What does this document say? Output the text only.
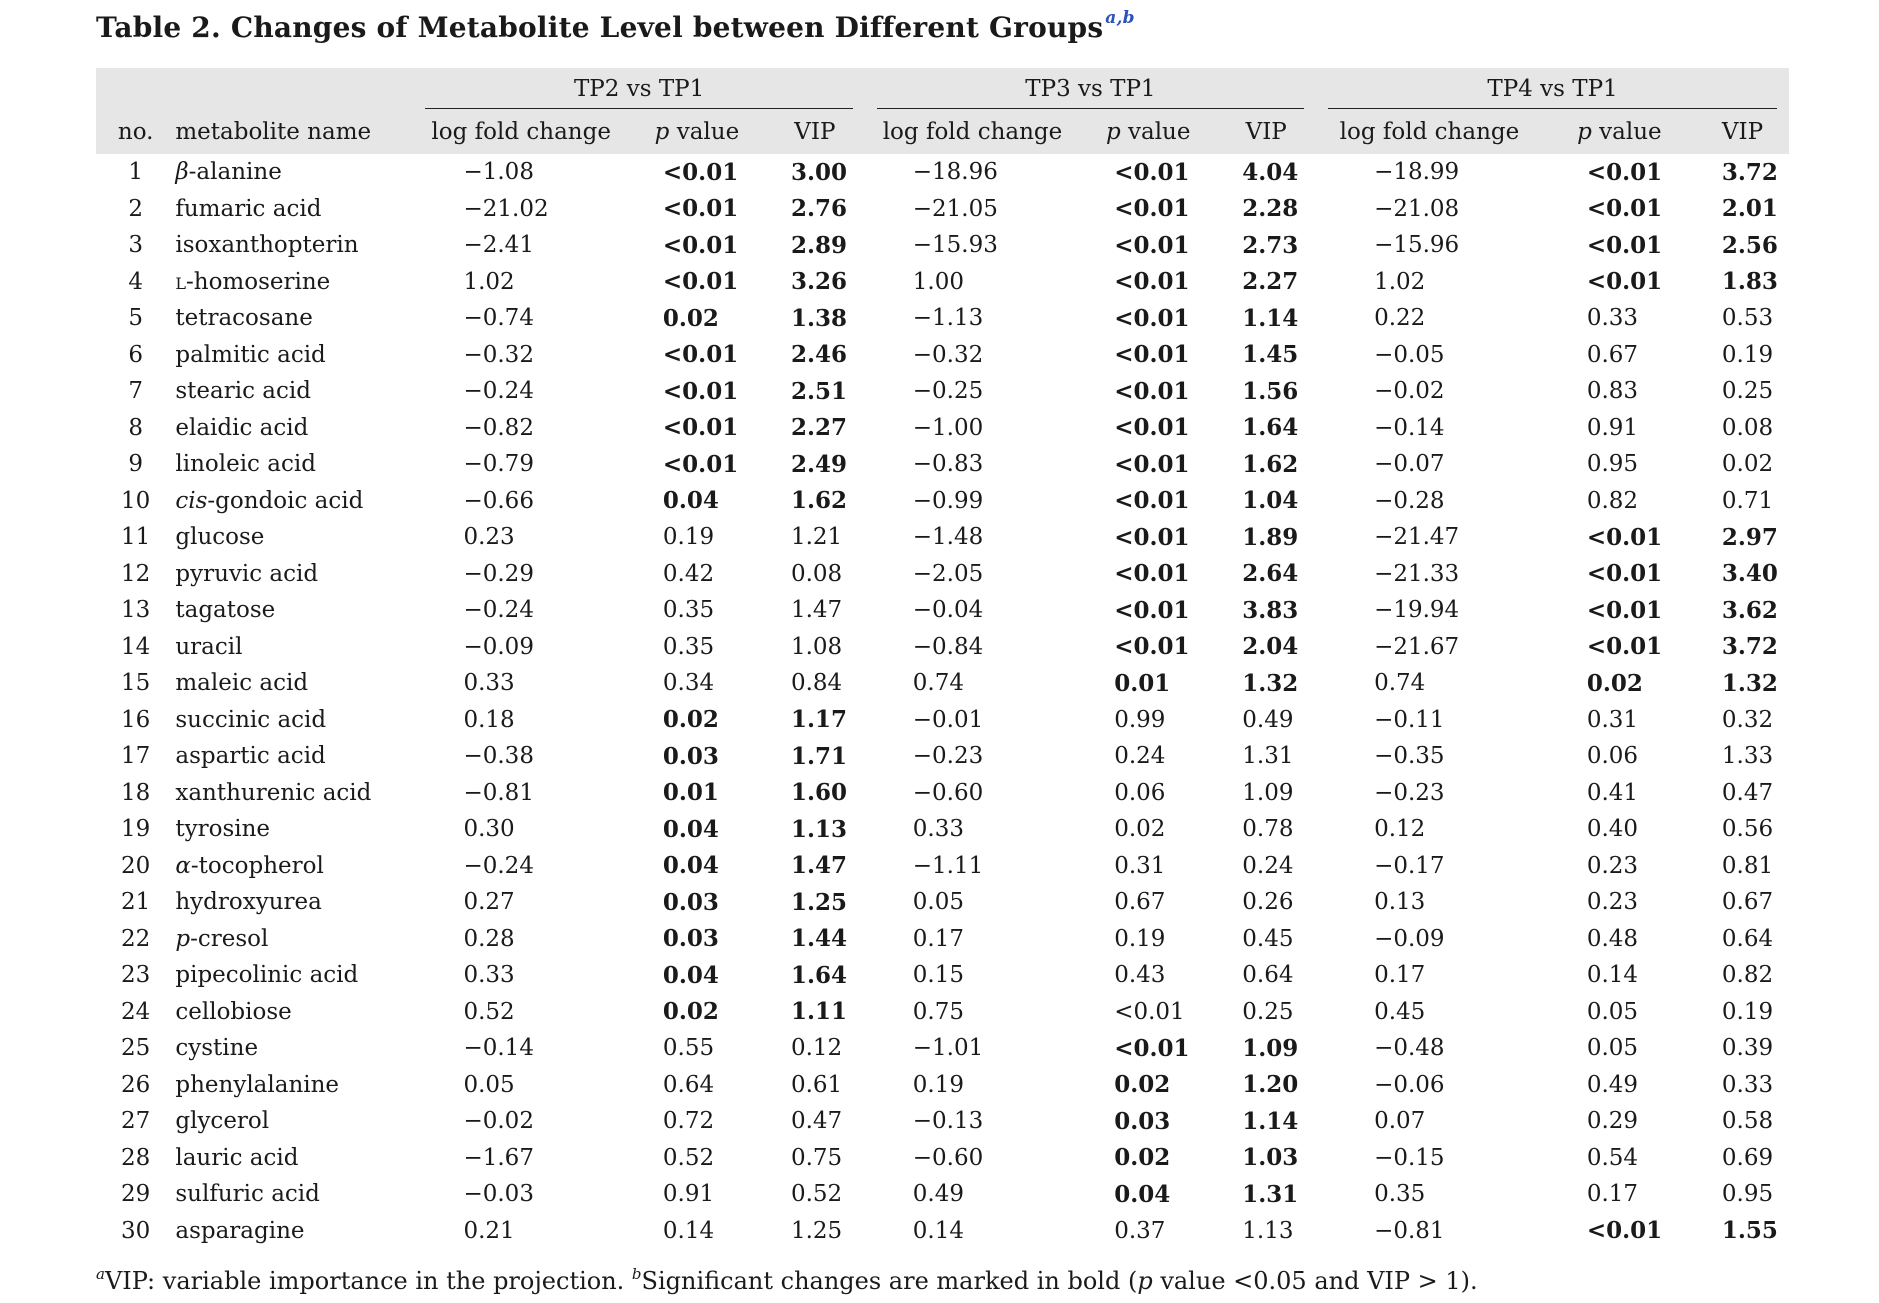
Table 2. Changes of Metabolite Level between Different Groups $^{a,b}$

		TP2 vs TP1			TP3 vs TP1			TP4 vs TP1		

no.	metabolite name	log fold change	p value	VIP	log fold change	p value	VIP	log fold change	p value	VIP
1	β-alanine	−1.08	<0.01	3.00	−18.96	<0.01	4.04	−18.99	<0.01	3.72
2	fumaric acid	−21.02	<0.01	2.76	−21.05	<0.01	2.28	−21.08	<0.01	2.01
3	isoxanthopterin	−2.41	<0.01	2.89	−15.93	<0.01	2.73	−15.96	<0.01	2.56
4	l-homoserine	1.02	<0.01	3.26	1.00	<0.01	2.27	1.02	<0.01	1.83
5	tetracosane	−0.74	0.02	1.38	−1.13	<0.01	1.14	0.22	0.33	0.53
6	palmitic acid	−0.32	<0.01	2.46	−0.32	<0.01	1.45	−0.05	0.67	0.19
7	stearic acid	−0.24	<0.01	2.51	−0.25	<0.01	1.56	−0.02	0.83	0.25
8	elaidic acid	−0.82	<0.01	2.27	−1.00	<0.01	1.64	−0.14	0.91	0.08
9	linoleic acid	−0.79	<0.01	2.49	−0.83	<0.01	1.62	−0.07	0.95	0.02
10	cis-gondoic acid	−0.66	0.04	1.62	−0.99	<0.01	1.04	−0.28	0.82	0.71
11	glucose	0.23	0.19	1.21	−1.48	<0.01	1.89	−21.47	<0.01	2.97
12	pyruvic acid	−0.29	0.42	0.08	−2.05	<0.01	2.64	−21.33	<0.01	3.40
13	tagatose	−0.24	0.35	1.47	−0.04	<0.01	3.83	−19.94	<0.01	3.62
14	uracil	−0.09	0.35	1.08	−0.84	<0.01	2.04	−21.67	<0.01	3.72
15	maleic acid	0.33	0.34	0.84	0.74	0.01	1.32	0.74	0.02	1.32
16	succinic acid	0.18	0.02	1.17	−0.01	0.99	0.49	−0.11	0.31	0.32
17	aspartic acid	−0.38	0.03	1.71	−0.23	0.24	1.31	−0.35	0.06	1.33
18	xanthurenic acid	−0.81	0.01	1.60	−0.60	0.06	1.09	−0.23	0.41	0.47
19	tyrosine	0.30	0.04	1.13	0.33	0.02	0.78	0.12	0.40	0.56
20	α-tocopherol	−0.24	0.04	1.47	−1.11	0.31	0.24	−0.17	0.23	0.81
21	hydroxyurea	0.27	0.03	1.25	0.05	0.67	0.26	0.13	0.23	0.67
22	p-cresol	0.28	0.03	1.44	0.17	0.19	0.45	−0.09	0.48	0.64
23	pipecolinic acid	0.33	0.04	1.64	0.15	0.43	0.64	0.17	0.14	0.82
24	cellobiose	0.52	0.02	1.11	0.75	<0.01	0.25	0.45	0.05	0.19
25	cystine	−0.14	0.55	0.12	−1.01	<0.01	1.09	−0.48	0.05	0.39
26	phenylalanine	0.05	0.64	0.61	0.19	0.02	1.20	−0.06	0.49	0.33
27	glycerol	−0.02	0.72	0.47	−0.13	0.03	1.14	0.07	0.29	0.58
28	lauric acid	−1.67	0.52	0.75	−0.60	0.02	1.03	−0.15	0.54	0.69
29	sulfuric acid	−0.03	0.91	0.52	0.49	0.04	1.31	0.35	0.17	0.95
30	asparagine	0.21	0.14	1.25	0.14	0.37	1.13	−0.81	<0.01	1.55
$^a$VIP: variable importance in the projection. $^b$Significant changes are marked in bold (p value <0.05 and VIP > 1).
